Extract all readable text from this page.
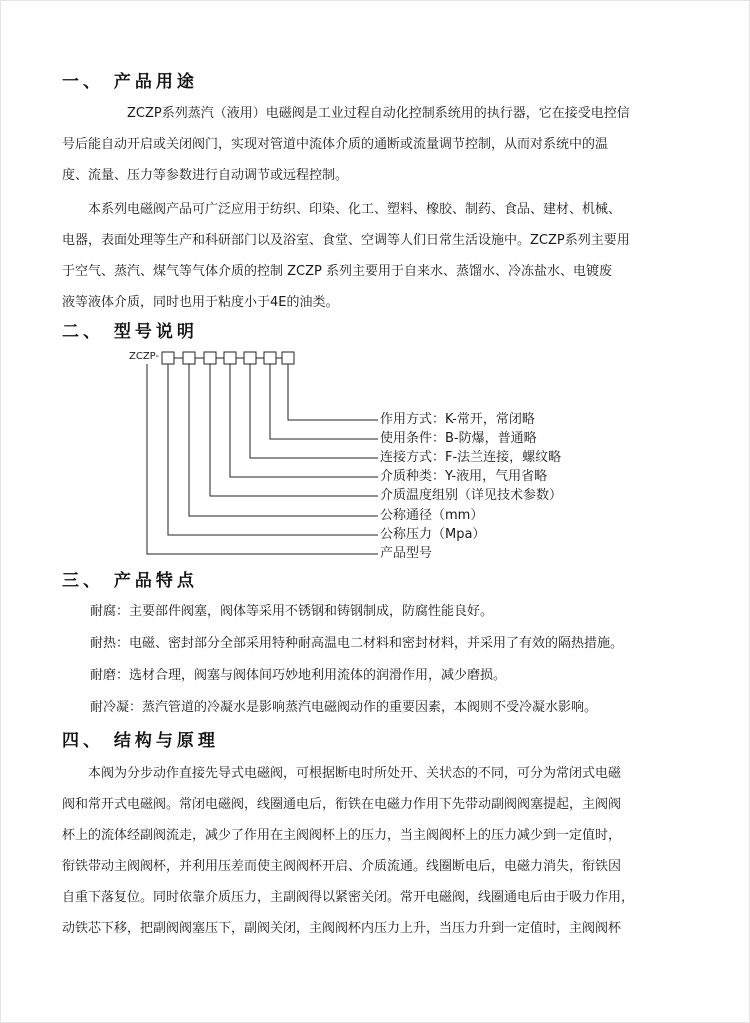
一、 产品用途
　　　　　ZCZP系列蒸汽（液用）电磁阀是工业过程自动化控制系统用的执行器，它在接受电控信
号后能自动开启或关闭阀门，实现对管道中流体介质的通断或流量调节控制，从而对系统中的温
度、流量、压力等参数进行自动调节或远程控制。
　　本系列电磁阀产品可广泛应用于纺织、印染、化工、塑料、橡胶、制药、食品、建材、机械、
电器，表面处理等生产和科研部门以及浴室、食堂、空调等人们日常生活设施中。ZCZP系列主要用
于空气、蒸汽、煤气等气体介质的控制 ZCZP 系列主要用于自来水、蒸馏水、冷冻盐水、电镀废
液等液体介质，同时也用于粘度小于4E的油类。
二、 型号说明
ZCZP-
作用方式：K-常开，常闭略
使用条件：B-防爆，普通略
连接方式：F-法兰连接，螺纹略
介质种类：Y-液用，气用省略
介质温度组别（详见技术参数）
公称通径（mm）
公称压力（Mpa）
产品型号
三、 产品特点

耐腐：主要部件阀塞，阀体等采用不锈钢和铸钢制成，防腐性能良好。

耐热：电磁、密封部分全部采用特种耐高温电二材料和密封材料，并采用了有效的隔热措施。

耐磨：选材合理，阀塞与阀体间巧妙地利用流体的润滑作用，减少磨损。

耐冷凝：蒸汽管道的冷凝水是影响蒸汽电磁阀动作的重要因素，本阀则不受冷凝水影响。

四、 结构与原理
　　本阀为分步动作直接先导式电磁阀，可根据断电时所处开、关状态的不同，可分为常闭式电磁
阀和常开式电磁阀。常闭电磁阀，线圈通电后，衔铁在电磁力作用下先带动副阀阀塞提起，主阀阀
杯上的流体经副阀流走，减少了作用在主阀阀杯上的压力，当主阀阀杯上的压力减少到一定值时，
衔铁带动主阀阀杯，并利用压差而使主阀阀杯开启、介质流通。线圈断电后，电磁力消失，衔铁因
自重下落复位。同时依靠介质压力，主副阀得以紧密关闭。常开电磁阀，线圈通电后由于吸力作用，
动铁芯下移，把副阀阀塞压下，副阀关闭，主阀阀杯内压力上升，当压力升到一定值时，主阀阀杯
